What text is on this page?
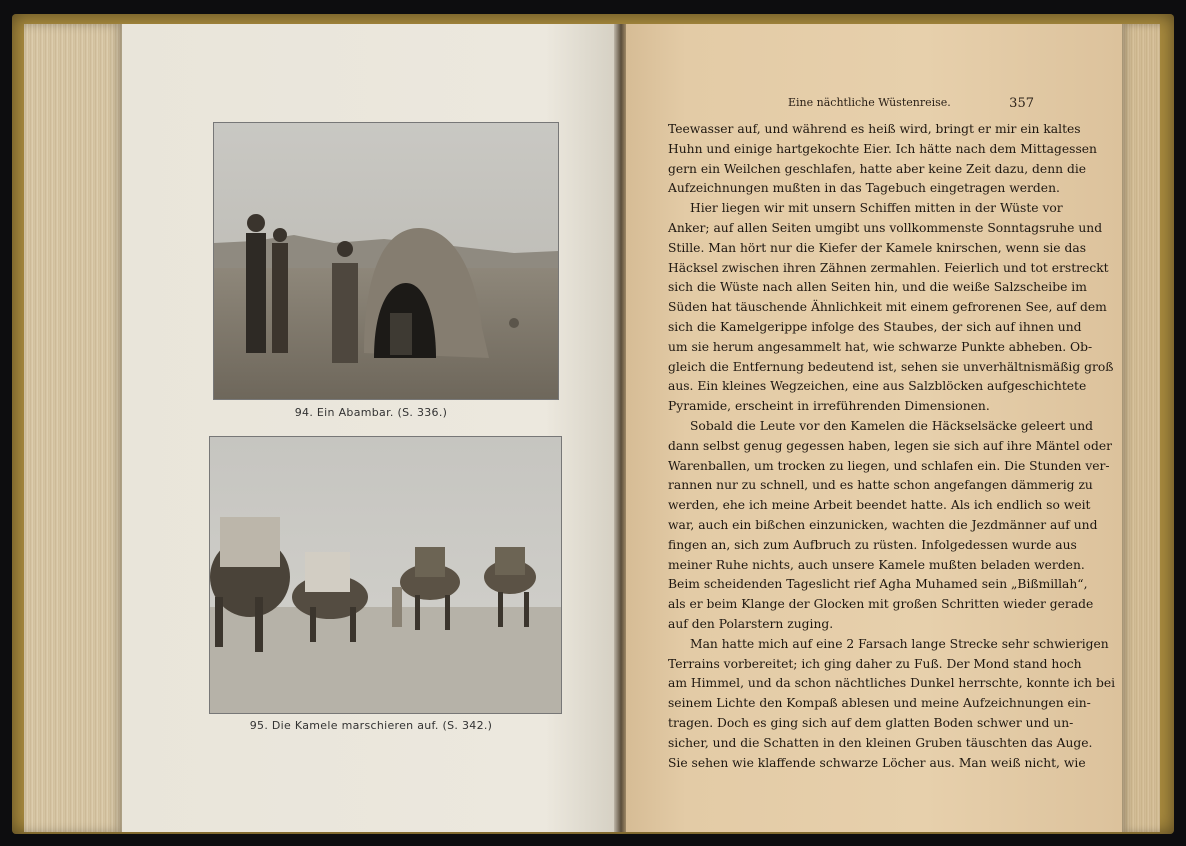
94. Ein Abambar. (S. 336.)
95. Die Kamele marschieren auf. (S. 342.)
Eine nächtliche Wüstenreise.	357
Teewasser auf, und während es heiß wird, bringt er mir ein kaltes
Huhn und einige hartgekochte Eier. Ich hätte nach dem Mittagessen
gern ein Weilchen geschlafen, hatte aber keine Zeit dazu, denn die
Aufzeichnungen mußten in das Tagebuch eingetragen werden.
Hier liegen wir mit unsern Schiffen mitten in der Wüste vor
Anker; auf allen Seiten umgibt uns vollkommenste Sonntagsruhe und
Stille. Man hört nur die Kiefer der Kamele knirschen, wenn sie das
Häcksel zwischen ihren Zähnen zermahlen. Feierlich und tot erstreckt
sich die Wüste nach allen Seiten hin, und die weiße Salzscheibe im
Süden hat täuschende Ähnlichkeit mit einem gefrorenen See, auf dem
sich die Kamelgerippe infolge des Staubes, der sich auf ihnen und
um sie herum angesammelt hat, wie schwarze Punkte abheben. Ob-
gleich die Entfernung bedeutend ist, sehen sie unverhältnismäßig groß
aus. Ein kleines Wegzeichen, eine aus Salzblöcken aufgeschichtete
Pyramide, erscheint in irreführenden Dimensionen.
Sobald die Leute vor den Kamelen die Häckselsäcke geleert und
dann selbst genug gegessen haben, legen sie sich auf ihre Mäntel oder
Warenballen, um trocken zu liegen, und schlafen ein. Die Stunden ver-
rannen nur zu schnell, und es hatte schon angefangen dämmerig zu
werden, ehe ich meine Arbeit beendet hatte. Als ich endlich so weit
war, auch ein bißchen einzunicken, wachten die Jezdmänner auf und
fingen an, sich zum Aufbruch zu rüsten. Infolgedessen wurde aus
meiner Ruhe nichts, auch unsere Kamele mußten beladen werden.
Beim scheidenden Tageslicht rief Agha Muhamed sein „Bißmillah“,
als er beim Klange der Glocken mit großen Schritten wieder gerade
auf den Polarstern zuging.
Man hatte mich auf eine 2 Farsach lange Strecke sehr schwierigen
Terrains vorbereitet; ich ging daher zu Fuß. Der Mond stand hoch
am Himmel, und da schon nächtliches Dunkel herrschte, konnte ich bei
seinem Lichte den Kompaß ablesen und meine Aufzeichnungen ein-
tragen. Doch es ging sich auf dem glatten Boden schwer und un-
sicher, und die Schatten in den kleinen Gruben täuschten das Auge.
Sie sehen wie klaffende schwarze Löcher aus. Man weiß nicht, wie
